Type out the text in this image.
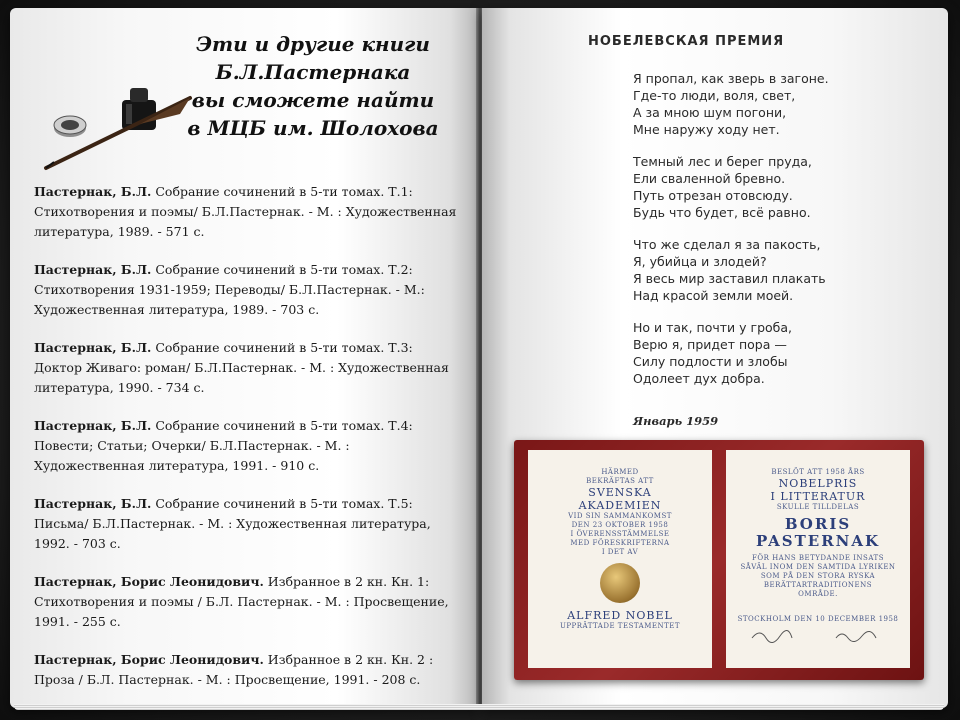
Эти и другие книги
Б.Л.Пастернака
вы сможете найти
в МЦБ им. Шолохова
Пастернак, Б.Л. Собрание сочинений в 5-ти томах. Т.1: Стихотворения и поэмы/ Б.Л.Пастернак. - М. : Художественная литература, 1989. - 571 с.
Пастернак, Б.Л. Собрание сочинений в 5-ти томах. Т.2: Стихотворения 1931-1959; Переводы/ Б.Л.Пастернак. - М.: Художественная литература, 1989. - 703 с.
Пастернак, Б.Л. Собрание сочинений в 5-ти томах. Т.3: Доктор Живаго: роман/ Б.Л.Пастернак. - М. : Художественная литература, 1990. - 734 с.
Пастернак, Б.Л. Собрание сочинений в 5-ти томах. Т.4: Повести; Статьи; Очерки/ Б.Л.Пастернак. - М. : Художественная литература, 1991. - 910 с.
Пастернак, Б.Л. Собрание сочинений в 5-ти томах. Т.5: Письма/ Б.Л.Пастернак. - М. : Художественная литература, 1992. - 703 с.
Пастернак, Борис Леонидович. Избранное в 2 кн. Кн. 1: Стихотворения и поэмы / Б.Л. Пастернак. - М. : Просвещение, 1991. - 255 с.
Пастернак, Борис Леонидович. Избранное в 2 кн. Кн. 2 : Проза / Б.Л. Пастернак. - М. : Просвещение, 1991. - 208 с.
НОБЕЛЕВСКАЯ ПРЕМИЯ
Я пропал, как зверь в загоне.
Где-то люди, воля, свет,
А за мною шум погони,
Мне наружу ходу нет.
Темный лес и берег пруда,
Ели сваленной бревно.
Путь отрезан отовсюду.
Будь что будет, всё равно.
Что же сделал я за пакость,
Я, убийца и злодей?
Я весь мир заставил плакать
Над красой земли моей.
Но и так, почти у гроба,
Верю я, придет пора —
Силу подлости и злобы
Одолеет дух добра.
Январь 1959
HÄRMED
BEKRÄFTAS ATT
SVENSKA
AKADEMIEN
VID SIN SAMMANKOMST
DEN 23 OKTOBER 1958
I ÖVERENSSTÄMMELSE
MED FÖRESKRIFTERNA
I DET AV
ALFRED NOBEL
UPPRÄTTADE TESTAMENTET
BESLÖT ATT 1958 ÅRS
NOBELPRIS
I LITTERATUR
SKULLE TILLDELAS
BORIS
PASTERNAK
FÖR HANS BETYDANDE INSATS
SÅVÄL INOM DEN SAMTIDA LYRIKEN
SOM PÅ DEN STORA RYSKA
BERÄTTARTRADITIONENS
OMRÅDE.
STOCKHOLM DEN 10 DECEMBER 1958
